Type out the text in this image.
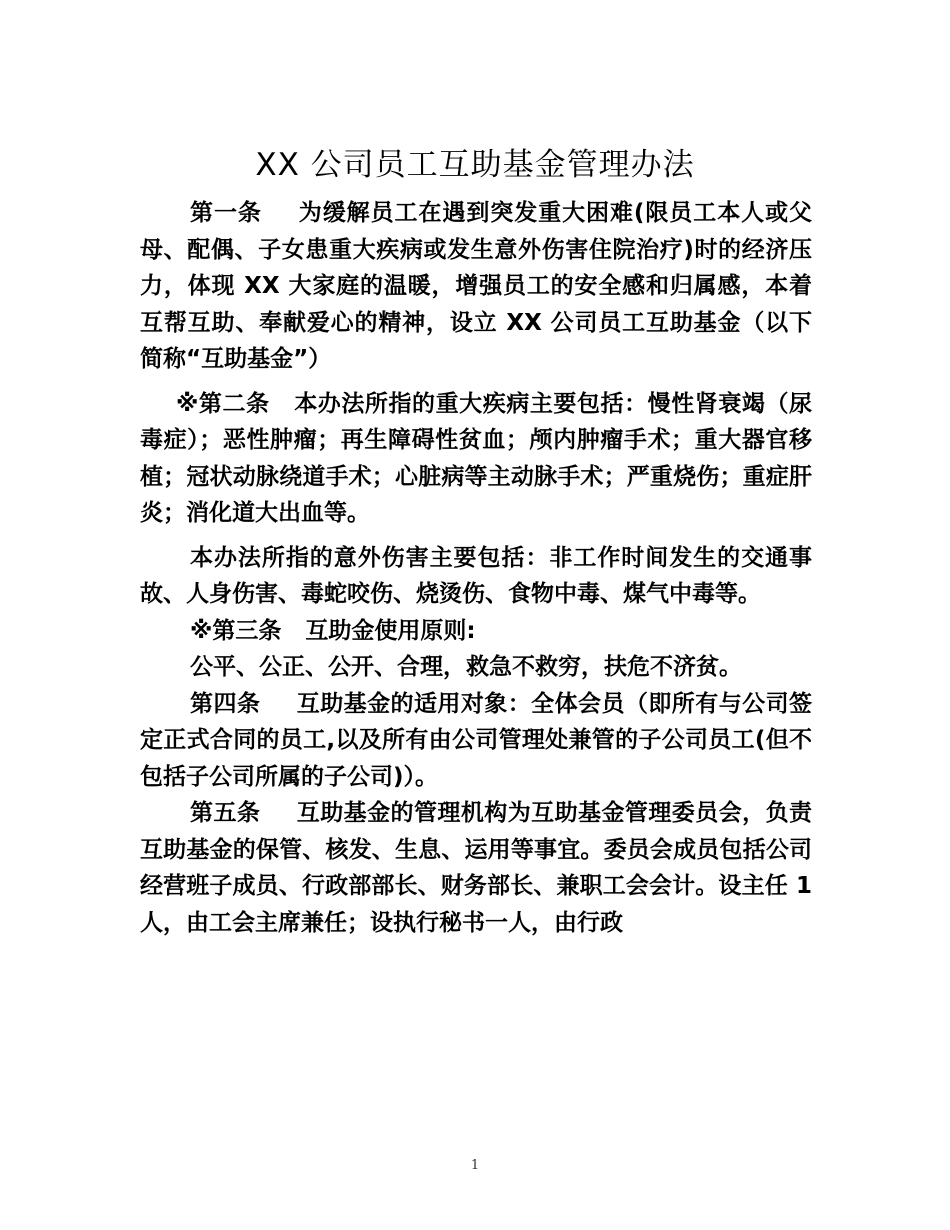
XX 公司员工互助基金管理办法

第一条 为缓解员工在遇到突发重大困难(限员工本人或父母、配偶、子女患重大疾病或发生意外伤害住院治疗)时的经济压力，体现 XX 大家庭的温暖，增强员工的安全感和归属感，本着互帮互助、奉献爱心的精神，设立 XX 公司员工互助基金（以下简称“互助基金”）

※第二条 本办法所指的重大疾病主要包括：慢性肾衰竭（尿毒症）；恶性肿瘤；再生障碍性贫血；颅内肿瘤手术；重大器官移植；冠状动脉绕道手术；心脏病等主动脉手术；严重烧伤；重症肝炎；消化道大出血等。

本办法所指的意外伤害主要包括：非工作时间发生的交通事故、人身伤害、毒蛇咬伤、烧烫伤、食物中毒、煤气中毒等。

※第三条 互助金使用原则:

公平、公正、公开、合理，救急不救穷，扶危不济贫。

第四条 互助基金的适用对象：全体会员（即所有与公司签定正式合同的员工,以及所有由公司管理处兼管的子公司员工(但不包括子公司所属的子公司)）。

第五条 互助基金的管理机构为互助基金管理委员会，负责互助基金的保管、核发、生息、运用等事宜。委员会成员包括公司经营班子成员、行政部部长、财务部长、兼职工会会计。设主任 1 人，由工会主席兼任；设执行秘书一人，由行政

1
